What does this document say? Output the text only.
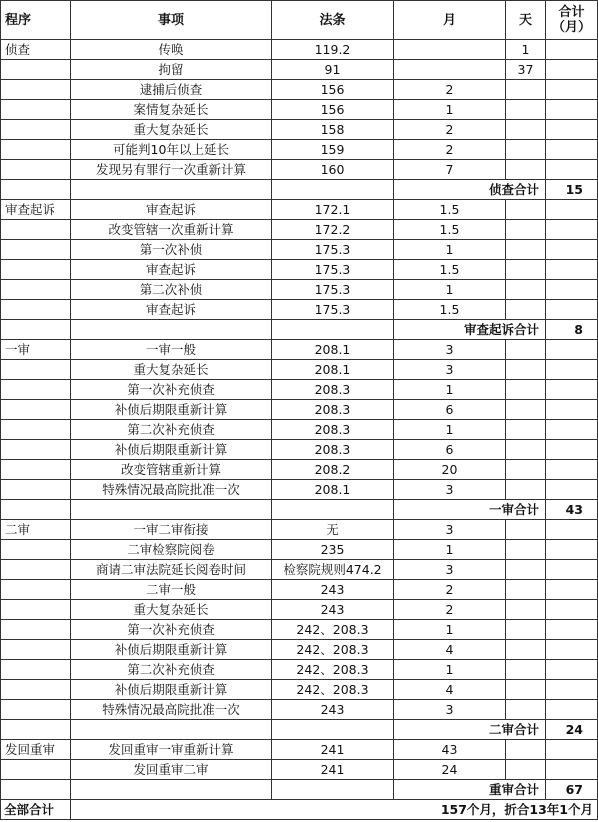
程序	事项	法条	月	天	合计
（月）

侦查	传唤	119.2		1	
	拘留	91		37	
	逮捕后侦查	156	2		
	案情复杂延长	156	1		
	重大复杂延长	158	2		
	可能判10年以上延长	159	2		
	发现另有罪行一次重新计算	160	7		
			侦查合计		15
审查起诉	审查起诉	172.1	1.5		
	改变管辖一次重新计算	172.2	1.5		
	第一次补侦	175.3	1		
	审查起诉	175.3	1.5		
	第二次补侦	175.3	1		
	审查起诉	175.3	1.5		
			审查起诉合计		8
一审	一审一般	208.1	3		
	重大复杂延长	208.1	3		
	第一次补充侦查	208.3	1		
	补侦后期限重新计算	208.3	6		
	第二次补充侦查	208.3	1		
	补侦后期限重新计算	208.3	6		
	改变管辖重新计算	208.2	20		
	特殊情况最高院批准一次	208.1	3		
			一审合计		43
二审	一审二审衔接	无	3		
	二审检察院阅卷	235	1		
	商请二审法院延长阅卷时间	检察院规则474.2	3		
	二审一般	243	2		
	重大复杂延长	243	2		
	第一次补充侦查	242、208.3	1		
	补侦后期限重新计算	242、208.3	4		
	第二次补充侦查	242、208.3	1		
	补侦后期限重新计算	242、208.3	4		
	特殊情况最高院批准一次	243	3		
			二审合计		24
发回重审	发回重审一审重新计算	241	43		
	发回重审二审	241	24		
			重审合计		67
全部合计	157个月，折合13年1个月				
